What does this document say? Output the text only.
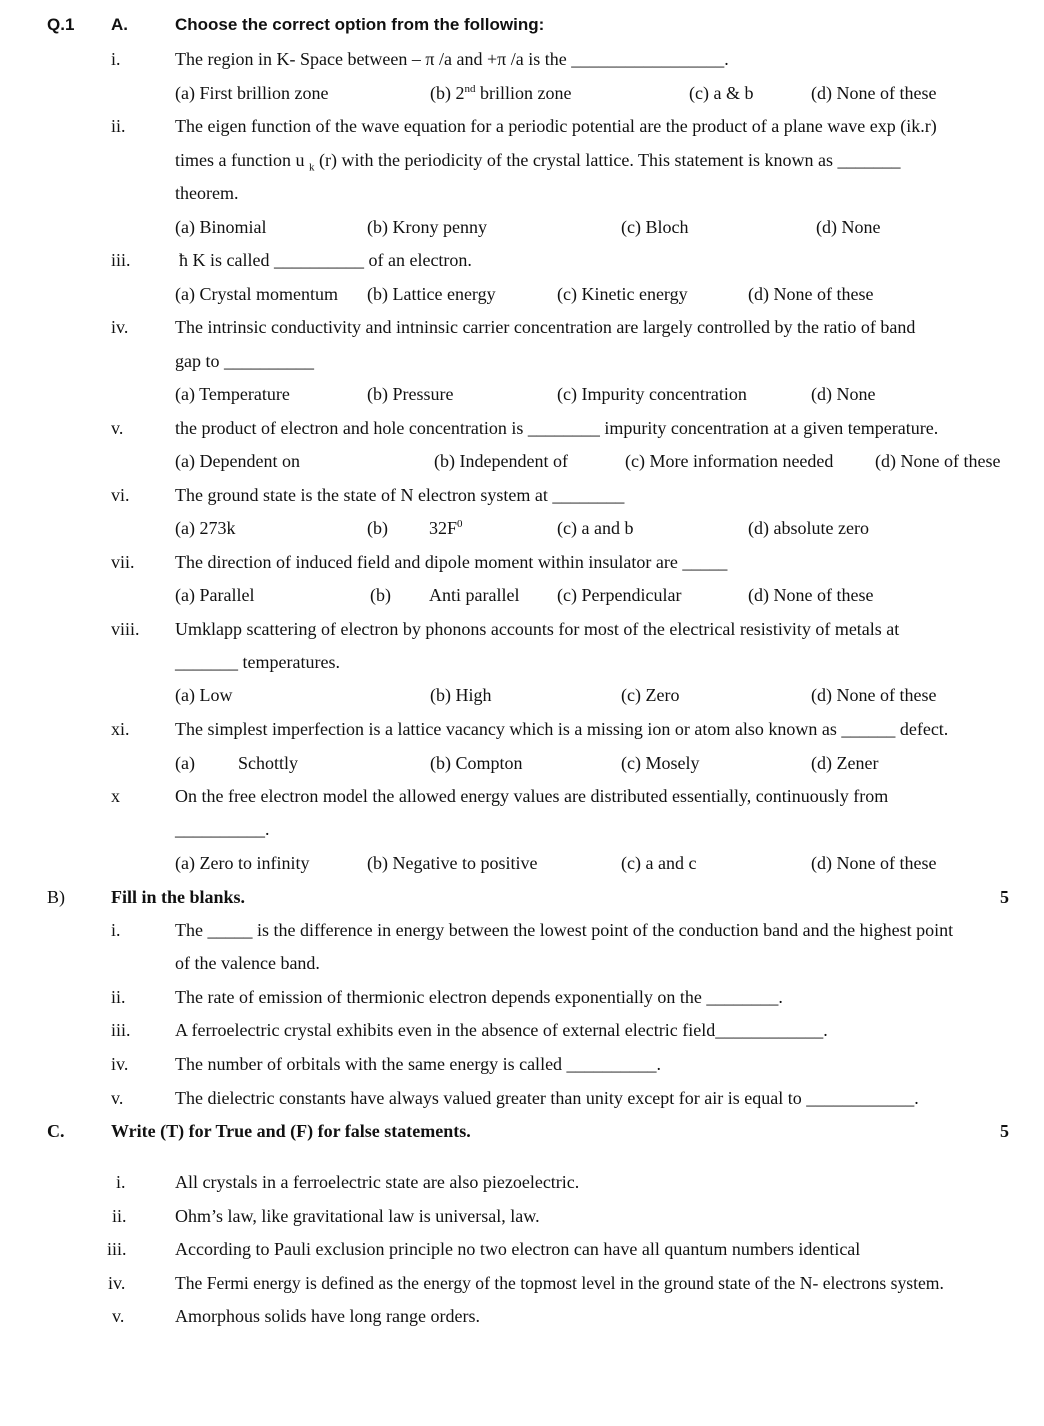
Q.1 A.	Choose the correct option from the following:
i.	The region in K- Space between – π /a and +π /a is the _________________.
(a) First brillion zone	(b) 2nd brillion zone	(c) a & b	(d) None of these
ii.	The eigen function of the wave equation for a periodic potential are the product of a plane wave exp (ik.r)
times a function u $_k$ (r) with the periodicity of the crystal lattice. This statement is known as _______
theorem.
(a) Binomial	(b) Krony penny	(c) Bloch	(d) None
iii.	ħ K is called __________ of an electron.
(a) Crystal momentum (b) Lattice energy	(c) Kinetic energy	(d) None of these
iv.	The intrinsic conductivity and intninsic carrier concentration are largely controlled by the ratio of band
gap to __________
(a) Temperature	(b) Pressure	(c) Impurity concentration	(d) None
v.	the product of electron and hole concentration is ________ impurity concentration at a given temperature.
(a) Dependent on	(b) Independent of	(c) More information needed (d) None of these
vi.	The ground state is the state of N electron system at ________
(a) 273k	(b) $32F^0$	(c) a and b	(d) absolute zero
vii. The direction of induced field and dipole moment within insulator are _____
(a) Parallel	(b) Anti parallel (c) Perpendicular	(d) None of these
viii. Umklapp scattering of electron by phonons accounts for most of the electrical resistivity of metals at
_______ temperatures.
(a) Low	(b) High	(c) Zero	(d) None of these
xi.	The simplest imperfection is a lattice vacancy which is a missing ion or atom also known as ______ defect.
(a) Schottly	(b) Compton	(c) Mosely	(d) Zener
x	On the free electron model the allowed energy values are distributed essentially, continuously from
__________.
(a) Zero to infinity	(b) Negative to positive	(c) a and c	(d) None of these
B)	Fill in the blanks.	5
i.	The _____ is the difference in energy between the lowest point of the conduction band and the highest point
of the valence band.
ii.	The rate of emission of thermionic electron depends exponentially on the ________.
iii. A ferroelectric crystal exhibits even in the absence of external electric field____________.
iv.	The number of orbitals with the same energy is called __________.
v.	The dielectric constants have always valued greater than unity except for air is equal to ____________.
C.	Write (T) for True and (F) for false statements.	5
i.	All crystals in a ferroelectric state are also piezoelectric.
ii.	Ohm’s law, like gravitational law is universal, law.
iii.	According to Pauli exclusion principle no two electron can have all quantum numbers identical
iv.	The Fermi energy is defined as the energy of the topmost level in the ground state of the N- electrons system.
v.	Amorphous solids have long range orders.
